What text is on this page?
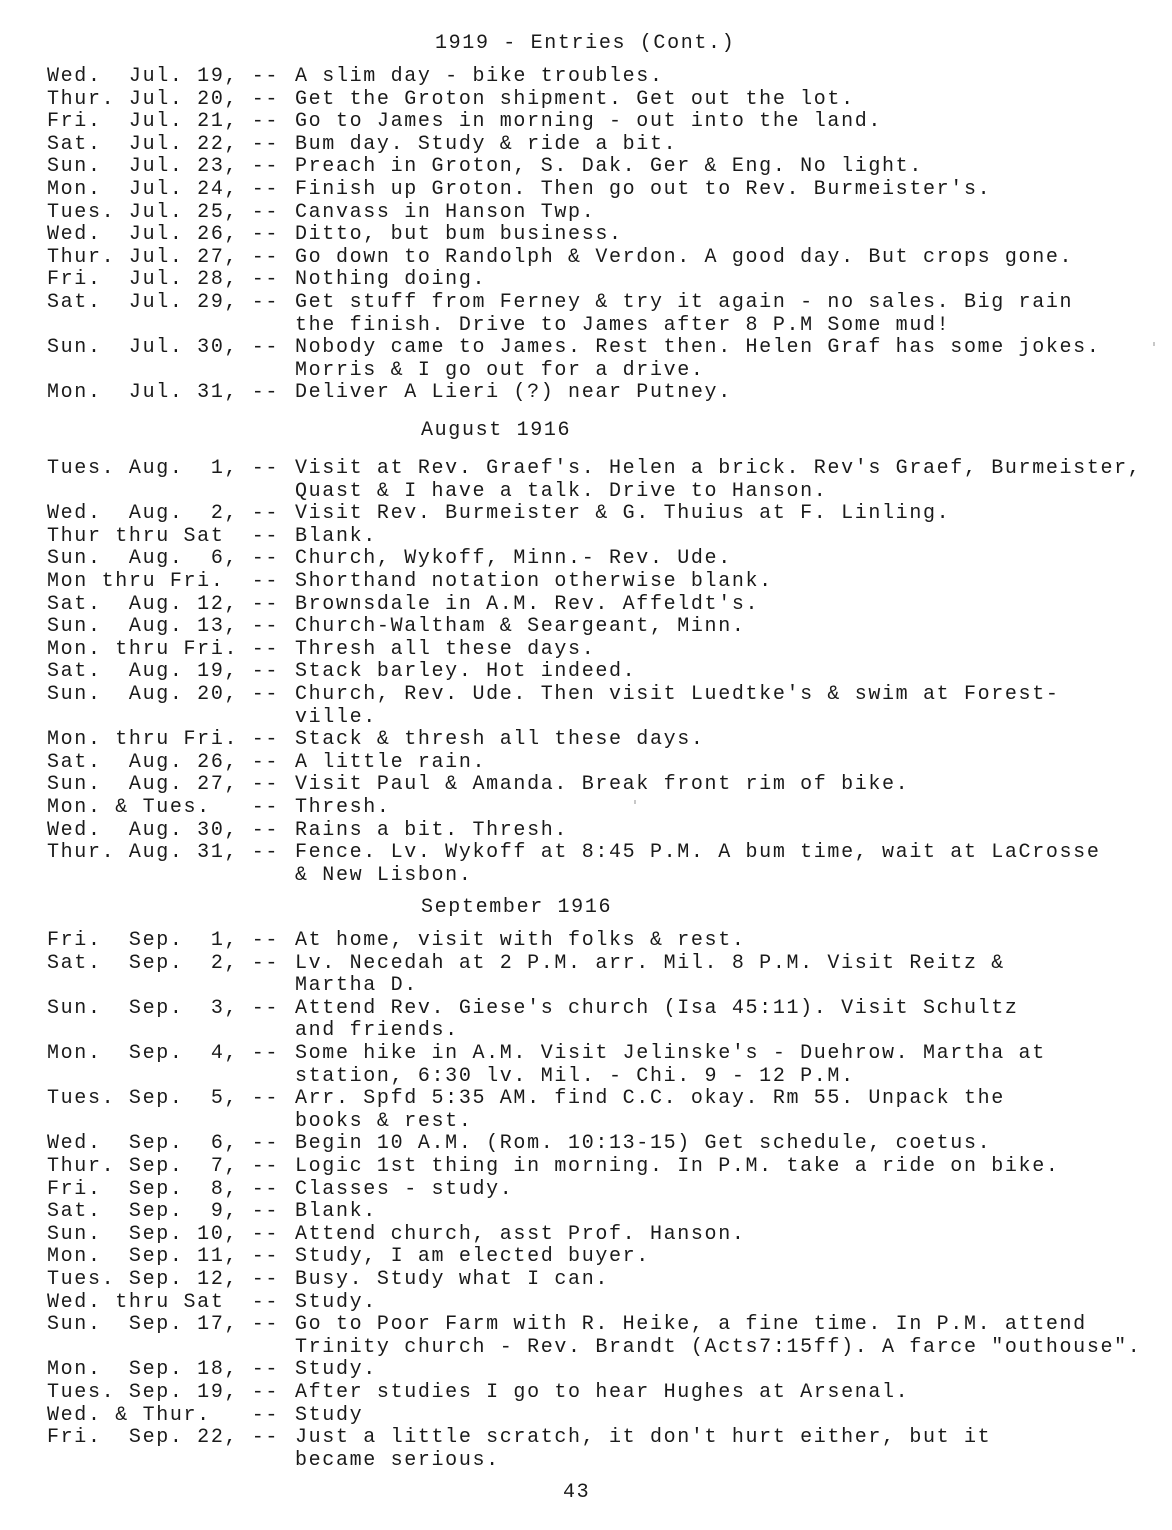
1919 - Entries (Cont.)
43
Wed.  Jul. 19, -- A slim day - bike troubles.
Thur. Jul. 20, -- Get the Groton shipment. Get out the lot.
Fri.  Jul. 21, -- Go to James in morning - out into the land.
Sat.  Jul. 22, -- Bum day. Study & ride a bit.
Sun.  Jul. 23, -- Preach in Groton, S. Dak. Ger & Eng. No light.
Mon.  Jul. 24, -- Finish up Groton. Then go out to Rev. Burmeister's.
Tues. Jul. 25, -- Canvass in Hanson Twp.
Wed.  Jul. 26, -- Ditto, but bum business.
Thur. Jul. 27, -- Go down to Randolph & Verdon. A good day. But crops gone.
Fri.  Jul. 28, -- Nothing doing.
Sat.  Jul. 29, -- Get stuff from Ferney & try it again - no sales. Big rain
the finish. Drive to James after 8 P.M Some mud!
Sun.  Jul. 30, -- Nobody came to James. Rest then. Helen Graf has some jokes.
Morris & I go out for a drive.
Mon.  Jul. 31, -- Deliver A Lieri (?) near Putney.
August 1916
Tues. Aug.  1, -- Visit at Rev. Graef's. Helen a brick. Rev's Graef, Burmeister,
Quast & I have a talk. Drive to Hanson.
Wed.  Aug.  2, -- Visit Rev. Burmeister & G. Thuius at F. Linling.
Thur thru Sat  -- Blank.
Sun.  Aug.  6, -- Church, Wykoff, Minn.- Rev. Ude.
Mon thru Fri.  -- Shorthand notation otherwise blank.
Sat.  Aug. 12, -- Brownsdale in A.M. Rev. Affeldt's.
Sun.  Aug. 13, -- Church-Waltham & Seargeant, Minn.
Mon. thru Fri. -- Thresh all these days.
Sat.  Aug. 19, -- Stack barley. Hot indeed.
Sun.  Aug. 20, -- Church, Rev. Ude. Then visit Luedtke's & swim at Forest-
ville.
Mon. thru Fri. -- Stack & thresh all these days.
Sat.  Aug. 26, -- A little rain.
Sun.  Aug. 27, -- Visit Paul & Amanda. Break front rim of bike.
Mon. & Tues.   -- Thresh.
Wed.  Aug. 30, -- Rains a bit. Thresh.
Thur. Aug. 31, -- Fence. Lv. Wykoff at 8:45 P.M. A bum time, wait at LaCrosse
& New Lisbon.
September 1916
Fri.  Sep.  1, -- At home, visit with folks & rest.
Sat.  Sep.  2, -- Lv. Necedah at 2 P.M. arr. Mil. 8 P.M. Visit Reitz &
Martha D.
Sun.  Sep.  3, -- Attend Rev. Giese's church (Isa 45:11). Visit Schultz
and friends.
Mon.  Sep.  4, -- Some hike in A.M. Visit Jelinske's - Duehrow. Martha at
station, 6:30 lv. Mil. - Chi. 9 - 12 P.M.
Tues. Sep.  5, -- Arr. Spfd 5:35 AM. find C.C. okay. Rm 55. Unpack the
books & rest.
Wed.  Sep.  6, -- Begin 10 A.M. (Rom. 10:13-15) Get schedule, coetus.
Thur. Sep.  7, -- Logic 1st thing in morning. In P.M. take a ride on bike.
Fri.  Sep.  8, -- Classes - study.
Sat.  Sep.  9, -- Blank.
Sun.  Sep. 10, -- Attend church, asst Prof. Hanson.
Mon.  Sep. 11, -- Study, I am elected buyer.
Tues. Sep. 12, -- Busy. Study what I can.
Wed. thru Sat  -- Study.
Sun.  Sep. 17, -- Go to Poor Farm with R. Heike, a fine time. In P.M. attend
Trinity church - Rev. Brandt (Acts7:15ff). A farce "outhouse".
Mon.  Sep. 18, -- Study.
Tues. Sep. 19, -- After studies I go to hear Hughes at Arsenal.
Wed. & Thur.   -- Study
Fri.  Sep. 22, -- Just a little scratch, it don't hurt either, but it
became serious.
